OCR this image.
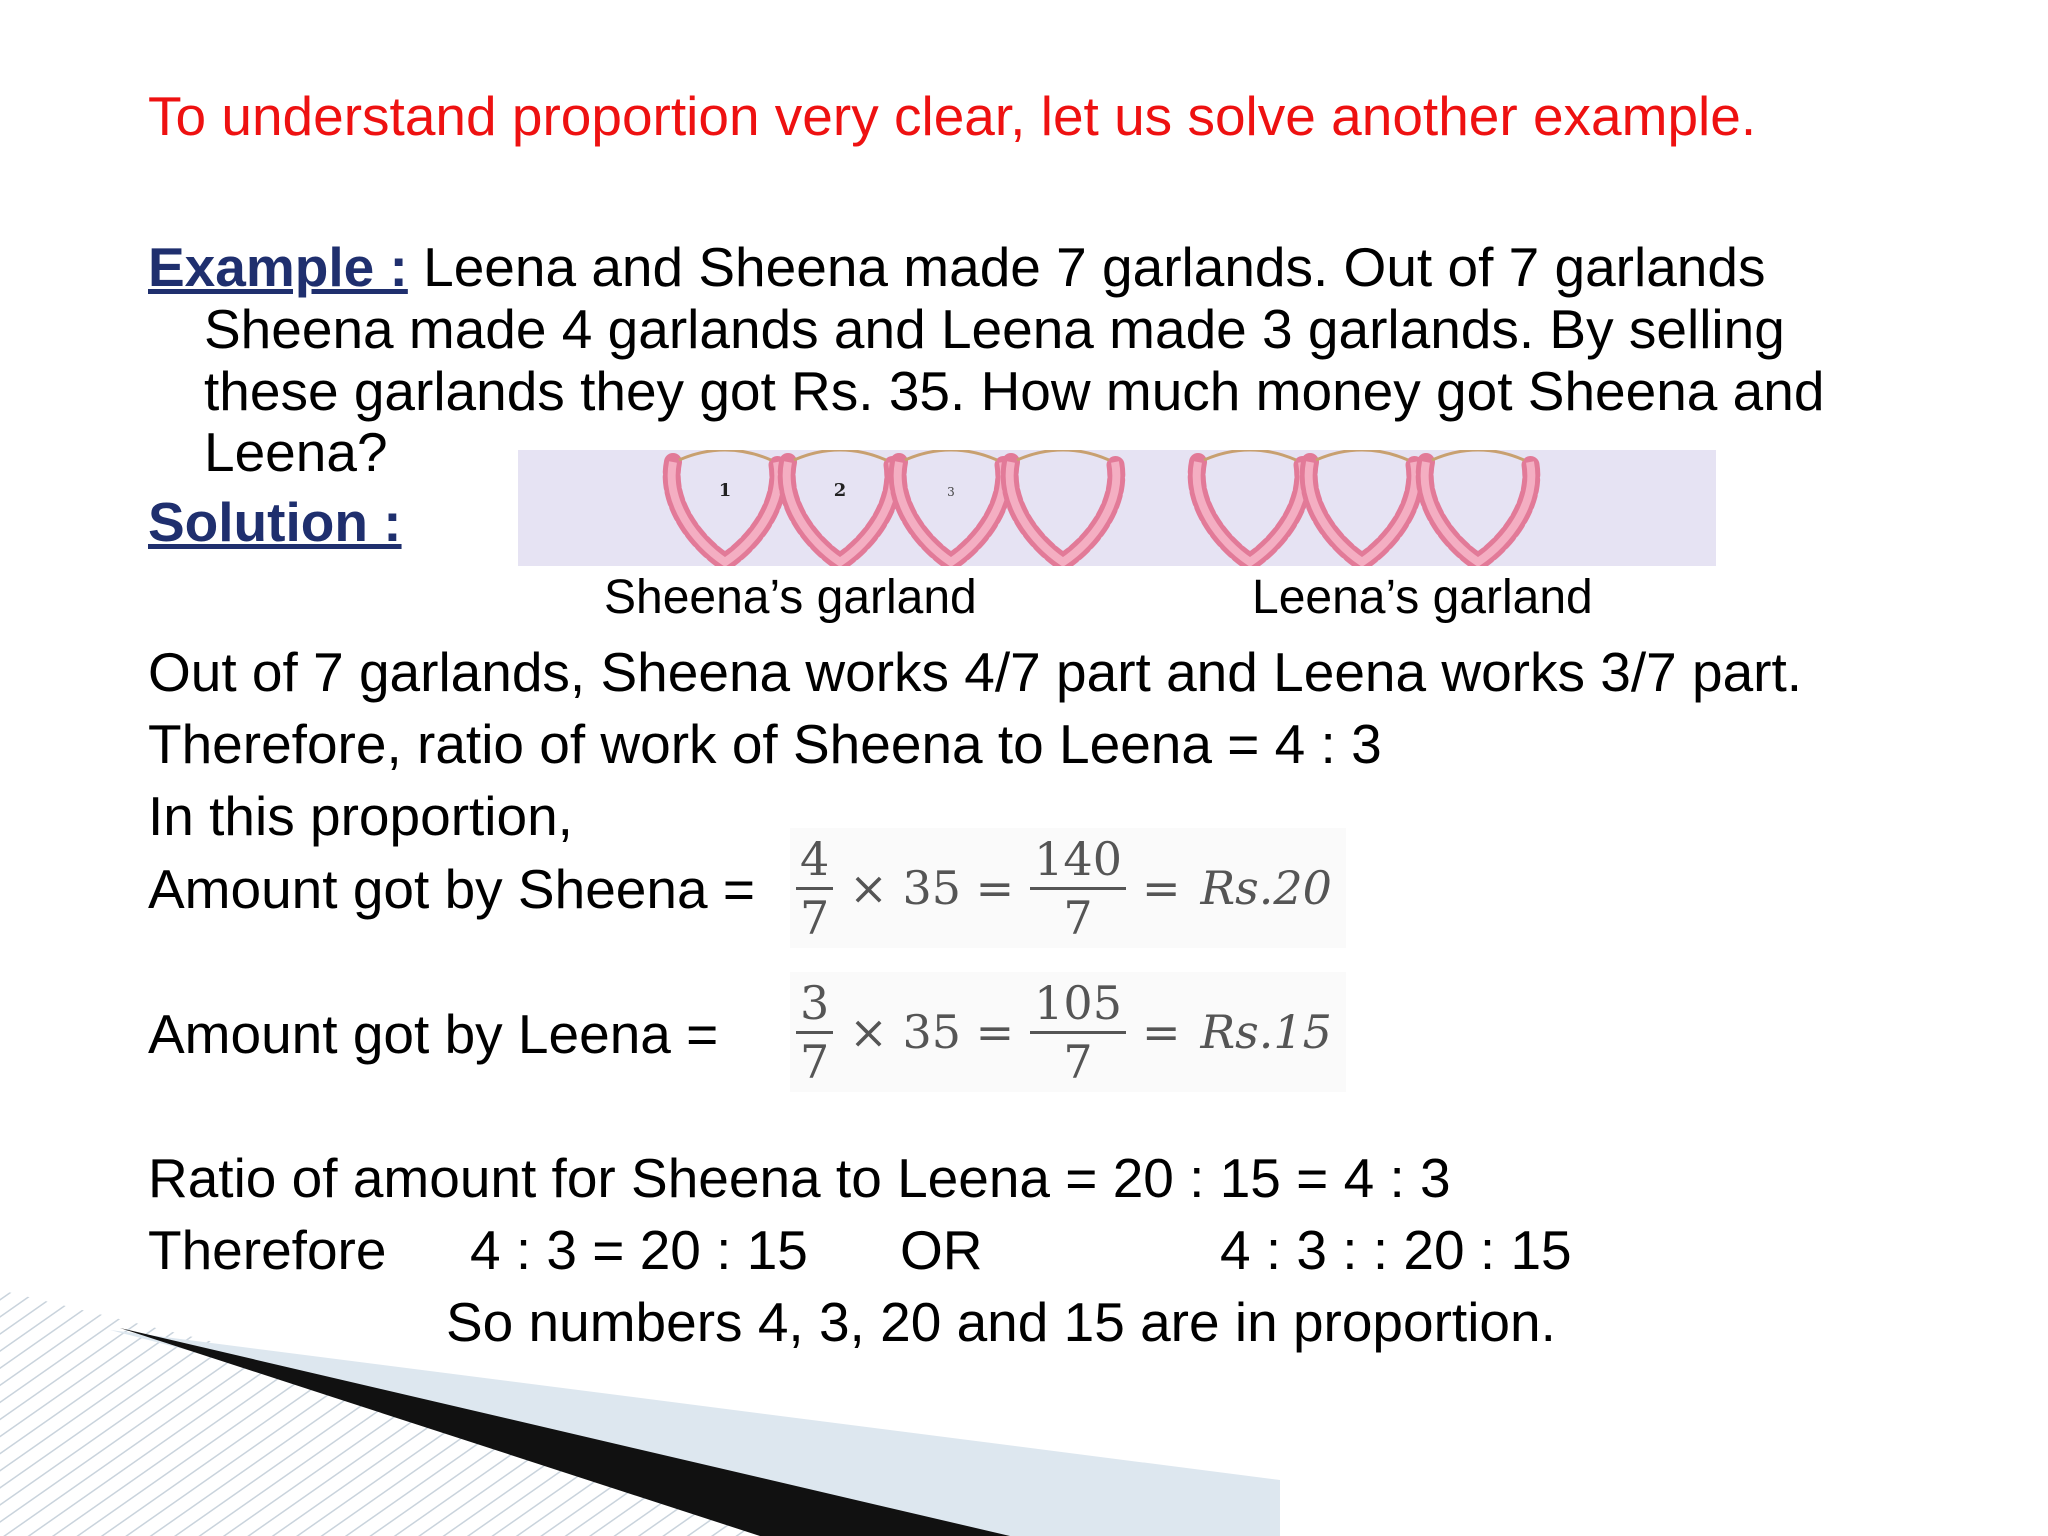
To understand proportion very clear, let us solve another example.
Example : Leena and Sheena made 7 garlands. Out of 7 garlands
Sheena made 4 garlands and Leena made 3 garlands. By selling
these garlands they got Rs. 35. How much money got Sheena and
Leena?
Solution :
1	2	3
Sheena’s garland	Leena’s garland
Out of 7 garlands, Sheena works 4/7 part and Leena works 3/7 part.
Therefore, ratio of work of Sheena to Leena = 4 : 3
In this proportion,
Amount got by Sheena = $\frac{4}{7} \times 35 = \frac{140}{7} = Rs.20$
Amount got by Leena = $\frac{3}{7} \times 35 = \frac{105}{7} = Rs.15$
Ratio of amount for Sheena to Leena = 20 : 15 = 4 : 3
Therefore 4 : 3 = 20 : 15 OR	4 : 3 : : 20 : 15
So numbers 4, 3, 20 and 15 are in proportion.
